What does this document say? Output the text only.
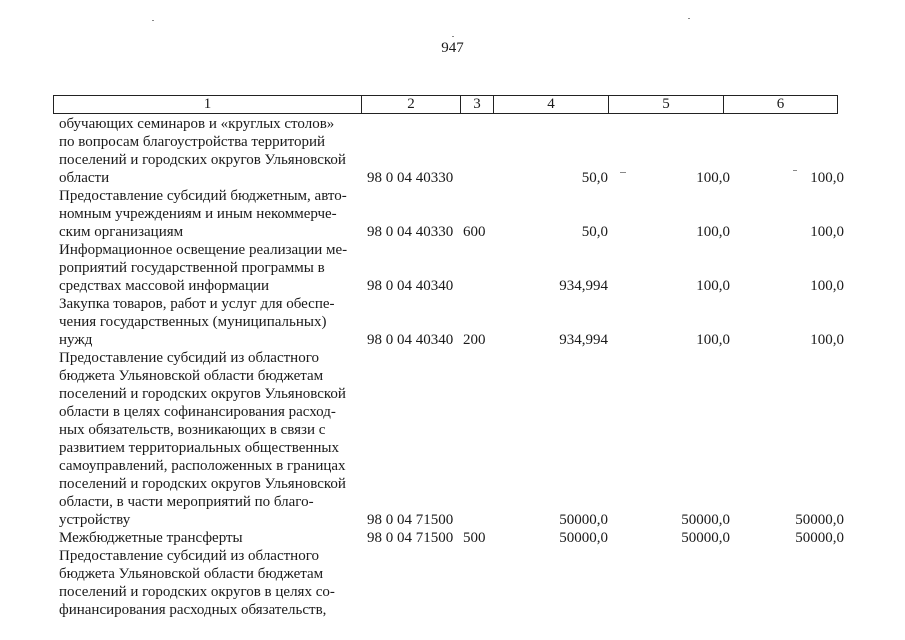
947
1	2	3	4	5	6
обучающих семинаров и «круглых столов»
по вопросам благоустройства территорий
поселений и городских округов Ульяновской
области	98 0 04 40330	50,0	100,0	100,0
Предоставление субсидий бюджетным, авто-
номным учреждениям и иным некоммерче-
ским организациям	98 0 04 40330 600	50,0	100,0	100,0
Информационное освещение реализации ме-
роприятий государственной программы в
средствах массовой информации	98 0 04 40340	934,994	100,0	100,0
Закупка товаров, работ и услуг для обеспе-
чения государственных (муниципальных)
нужд	98 0 04 40340 200	934,994	100,0	100,0
Предоставление субсидий из областного
бюджета Ульяновской области бюджетам
поселений и городских округов Ульяновской
области в целях софинансирования расход-
ных обязательств, возникающих в связи с
развитием территориальных общественных
самоуправлений, расположенных в границах
поселений и городских округов Ульяновской
области, в части мероприятий по благо-
устройству	98 0 04 71500	50000,0	50000,0	50000,0
Межбюджетные трансферты	98 0 04 71500 500	50000,0	50000,0	50000,0
Предоставление субсидий из областного
бюджета Ульяновской области бюджетам
поселений и городских округов в целях со-
финансирования расходных обязательств,
